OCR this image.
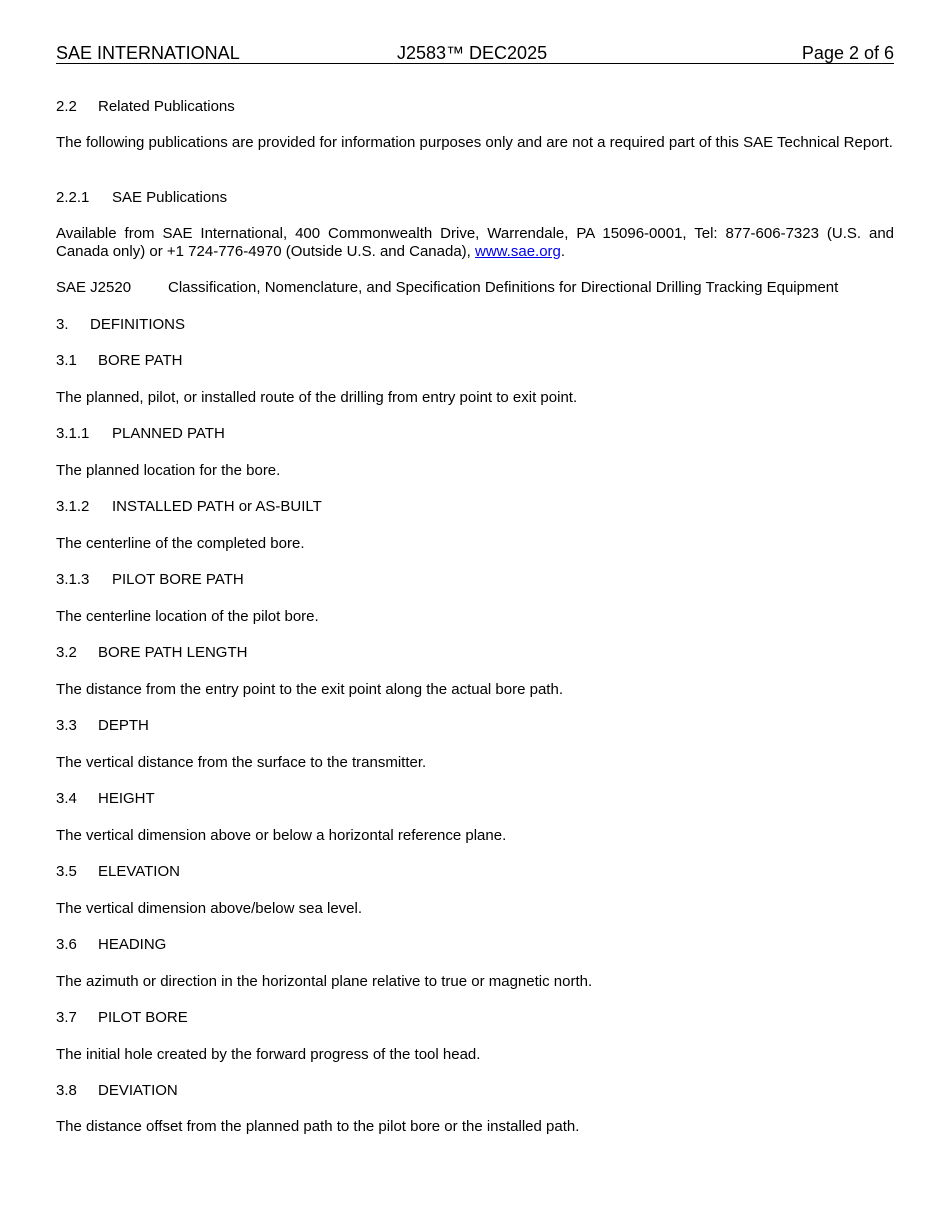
SAE INTERNATIONAL	J2583™ DEC2025	Page 2 of 6
2.2 Related Publications
The following publications are provided for information purposes only and are not a required part of this SAE Technical Report.
2.2.1 SAE Publications
Available from SAE International, 400 Commonwealth Drive, Warrendale, PA 15096-0001, Tel: 877-606-7323 (U.S. and Canada only) or +1 724-776-4970 (Outside U.S. and Canada), www.sae.org.
SAE J2520 Classification, Nomenclature, and Specification Definitions for Directional Drilling Tracking Equipment
3. DEFINITIONS
3.1 BORE PATH
The planned, pilot, or installed route of the drilling from entry point to exit point.
3.1.1 PLANNED PATH
The planned location for the bore.
3.1.2 INSTALLED PATH or AS-BUILT
The centerline of the completed bore.
3.1.3 PILOT BORE PATH
The centerline location of the pilot bore.
3.2 BORE PATH LENGTH
The distance from the entry point to the exit point along the actual bore path.
3.3 DEPTH
The vertical distance from the surface to the transmitter.
3.4 HEIGHT
The vertical dimension above or below a horizontal reference plane.
3.5 ELEVATION
The vertical dimension above/below sea level.
3.6 HEADING
The azimuth or direction in the horizontal plane relative to true or magnetic north.
3.7 PILOT BORE
The initial hole created by the forward progress of the tool head.
3.8 DEVIATION
The distance offset from the planned path to the pilot bore or the installed path.
